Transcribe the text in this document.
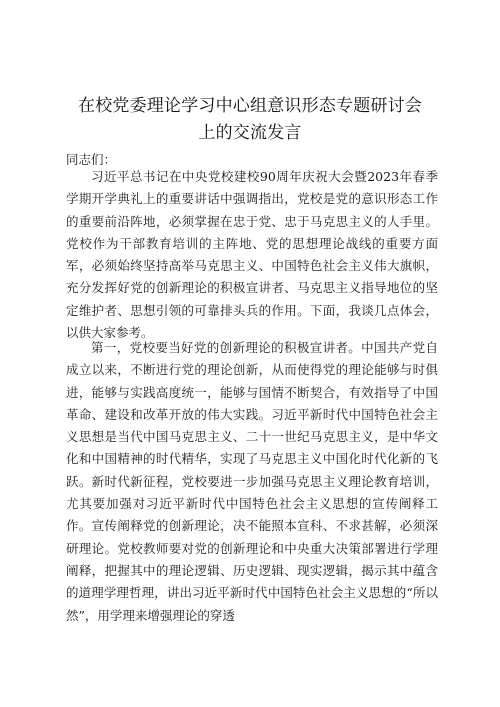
在校党委理论学习中心组意识形态专题研讨会
上的交流发言
同志们：

习近平总书记在中央党校建校90周年庆祝大会暨2023年春季学期开学典礼上的重要讲话中强调指出，党校是党的意识形态工作的重要前沿阵地，必须掌握在忠于党、忠于马克思主义的人手里。党校作为干部教育培训的主阵地、党的思想理论战线的重要方面军，必须始终坚持高举马克思主义、中国特色社会主义伟大旗帜，充分发挥好党的创新理论的积极宣讲者、马克思主义指导地位的坚定维护者、思想引领的可靠排头兵的作用。下面，我谈几点体会，以供大家参考。

第一，党校要当好党的创新理论的积极宣讲者。中国共产党自成立以来，不断进行党的理论创新，从而使得党的理论能够与时俱进，能够与实践高度统一，能够与国情不断契合，有效指导了中国革命、建设和改革开放的伟大实践。习近平新时代中国特色社会主义思想是当代中国马克思主义、二十一世纪马克思主义，是中华文化和中国精神的时代精华，实现了马克思主义中国化时代化新的飞跃。新时代新征程，党校要进一步加强马克思主义理论教育培训，尤其要加强对习近平新时代中国特色社会主义思想的宣传阐释工作。宣传阐释党的创新理论，决不能照本宣科、不求甚解，必须深研理论。党校教师要对党的创新理论和中央重大决策部署进行学理阐释，把握其中的理论逻辑、历史逻辑、现实逻辑，揭示其中蕴含的道理学理哲理，讲出习近平新时代中国特色社会主义思想的“所以然”，用学理来增强理论的穿透
